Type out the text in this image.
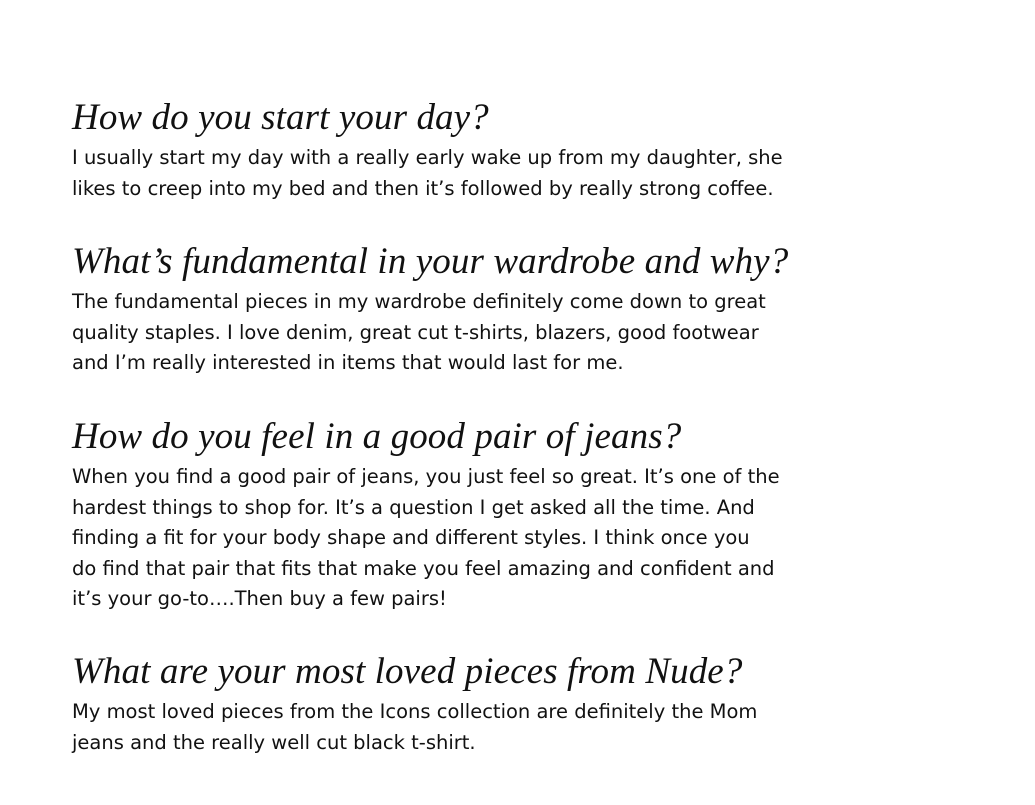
How do you start your day?

I usually start my day with a really early wake up from my daughter, she
likes to creep into my bed and then it’s followed by really strong coffee.

What’s fundamental in your wardrobe and why?

The fundamental pieces in my wardrobe definitely come down to great
quality staples. I love denim, great cut t-shirts, blazers, good footwear
and I’m really interested in items that would last for me.

How do you feel in a good pair of jeans?

When you find a good pair of jeans, you just feel so great. It’s one of the
hardest things to shop for. It’s a question I get asked all the time. And
finding a fit for your body shape and different styles. I think once you
do find that pair that fits that make you feel amazing and confident and
it’s your go-to….Then buy a few pairs!

What are your most loved pieces from Nude?

My most loved pieces from the Icons collection are definitely the Mom
jeans and the really well cut black t-shirt.
